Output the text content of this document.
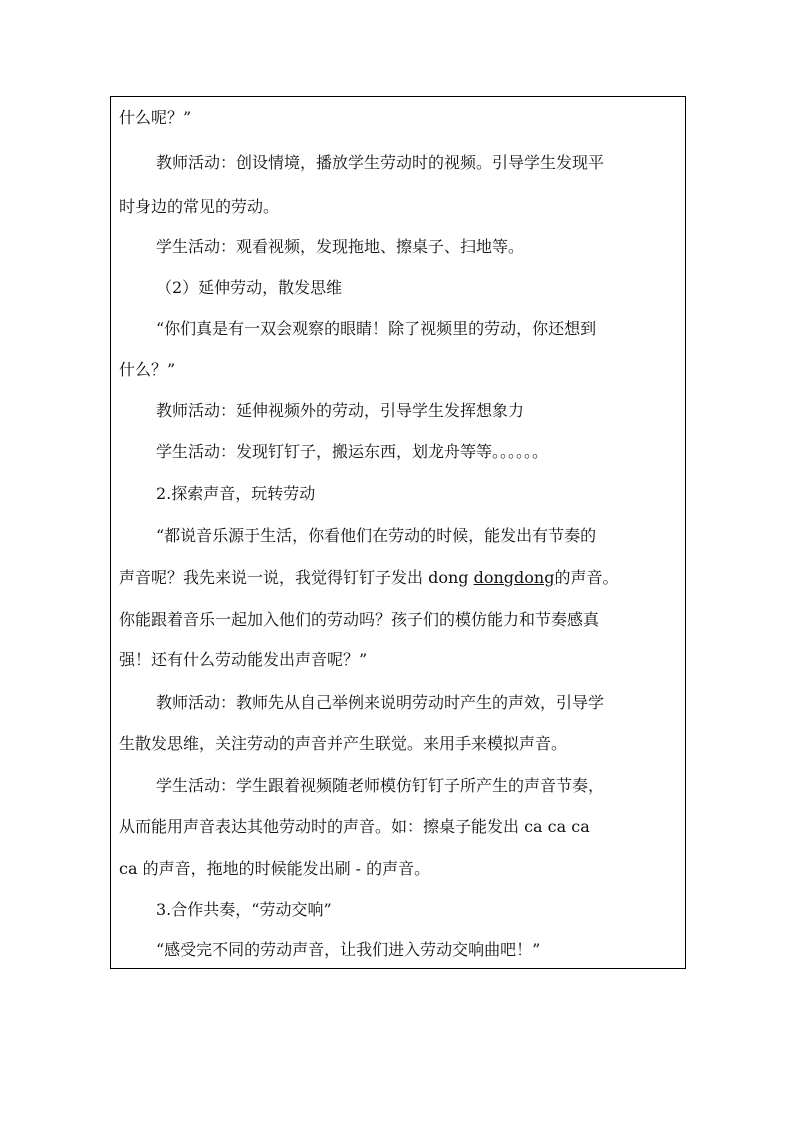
什么呢？”
教师活动：创设情境，播放学生劳动时的视频。引导学生发现平
时身边的常见的劳动。
学生活动：观看视频，发现拖地、擦桌子、扫地等。
（2）延伸劳动，散发思维
“你们真是有一双会观察的眼睛！除了视频里的劳动，你还想到
什么？”
教师活动：延伸视频外的劳动，引导学生发挥想象力
学生活动：发现钉钉子，搬运东西，划龙舟等等。。。。。。
2.探索声音，玩转劳动
“都说音乐源于生活，你看他们在劳动的时候，能发出有节奏的
声音呢？我先来说一说，我觉得钉钉子发出 dong dongdong的声音。
你能跟着音乐一起加入他们的劳动吗？孩子们的模仿能力和节奏感真
强！还有什么劳动能发出声音呢？”
教师活动：教师先从自己举例来说明劳动时产生的声效，引导学
生散发思维，关注劳动的声音并产生联觉。来用手来模拟声音。
学生活动：学生跟着视频随老师模仿钉钉子所产生的声音节奏，
从而能用声音表达其他劳动时的声音。如：擦桌子能发出 ca ca ca
ca 的声音，拖地的时候能发出刷 - 的声音。
3.合作共奏，“劳动交响”
“感受完不同的劳动声音，让我们进入劳动交响曲吧！”
